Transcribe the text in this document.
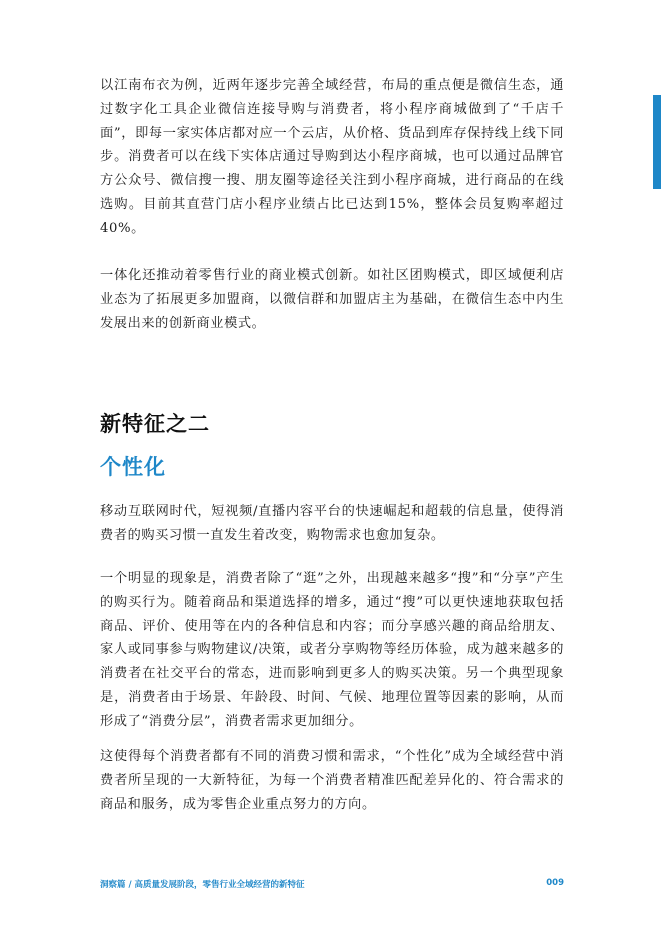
以江南布衣为例，近两年逐步完善全域经营，布局的重点便是微信生态，通过数字化工具企业微信连接导购与消费者，将小程序商城做到了“千店千面”，即每一家实体店都对应一个云店，从价格、货品到库存保持线上线下同步。消费者可以在线下实体店通过导购到达小程序商城，也可以通过品牌官方公众号、微信搜一搜、朋友圈等途径关注到小程序商城，进行商品的在线选购。目前其直营门店小程序业绩占比已达到15%，整体会员复购率超过40%。

一体化还推动着零售行业的商业模式创新。如社区团购模式，即区域便利店业态为了拓展更多加盟商，以微信群和加盟店主为基础，在微信生态中内生发展出来的创新商业模式。

新特征之二
个性化

移动互联网时代，短视频/直播内容平台的快速崛起和超载的信息量，使得消费者的购买习惯一直发生着改变，购物需求也愈加复杂。

一个明显的现象是，消费者除了“逛”之外，出现越来越多“搜”和“分享”产生的购买行为。随着商品和渠道选择的增多，通过“搜”可以更快速地获取包括商品、评价、使用等在内的各种信息和内容；而分享感兴趣的商品给朋友、家人或同事参与购物建议/决策，或者分享购物等经历体验，成为越来越多的消费者在社交平台的常态，进而影响到更多人的购买决策。另一个典型现象是，消费者由于场景、年龄段、时间、气候、地理位置等因素的影响，从而形成了“消费分层”，消费者需求更加细分。

这使得每个消费者都有不同的消费习惯和需求，“个性化”成为全域经营中消费者所呈现的一大新特征，为每一个消费者精准匹配差异化的、符合需求的商品和服务，成为零售企业重点努力的方向。

洞察篇 / 高质量发展阶段，零售行业全域经营的新特征	009
